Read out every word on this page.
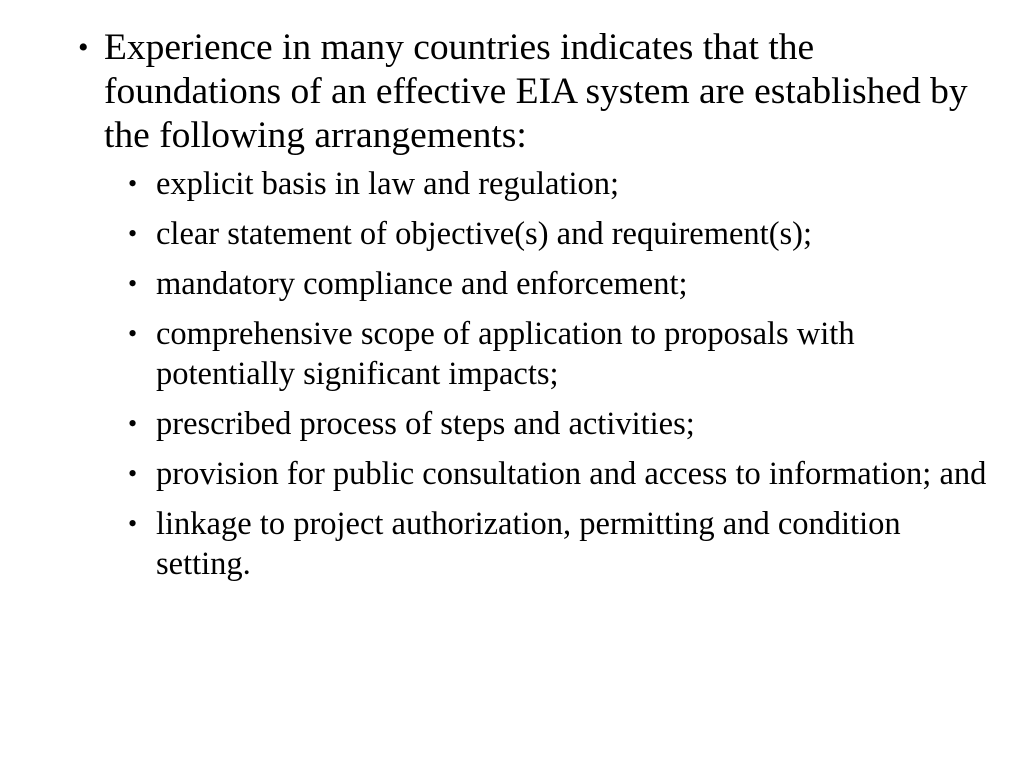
• Experience in many countries indicates that the foundations of an effective EIA system are established by the following arrangements:
• explicit basis in law and regulation;
• clear statement of objective(s) and requirement(s);
• mandatory compliance and enforcement;
• comprehensive scope of application to proposals with potentially significant impacts;
• prescribed process of steps and activities;
• provision for public consultation and access to information; and
• linkage to project authorization, permitting and condition setting.
